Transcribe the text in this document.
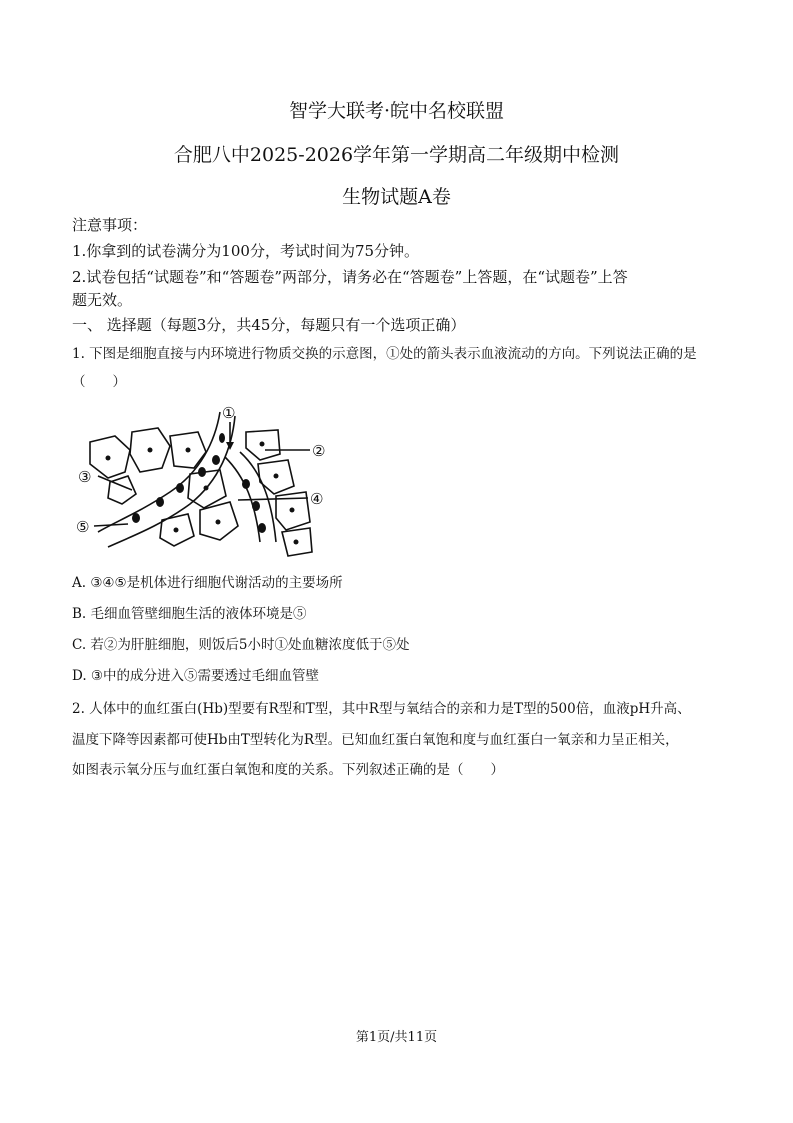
智学大联考·皖中名校联盟
合肥八中2025-2026学年第一学期高二年级期中检测
生物试题A卷
注意事项：
1.你拿到的试卷满分为100分，考试时间为75分钟。
2.试卷包括“试题卷”和“答题卷”两部分，请务必在“答题卷”上答题，在“试题卷”上答
题无效。
一、 选择题（每题3分，共45分，每题只有一个选项正确）
1. 下图是细胞直接与内环境进行物质交换的示意图，①处的箭头表示血液流动的方向。下列说法正确的是
（　　）
①
②
③
④
⑤
A. ③④⑤是机体进行细胞代谢活动的主要场所
B. 毛细血管壁细胞生活的液体环境是⑤
C. 若②为肝脏细胞，则饭后5小时①处血糖浓度低于⑤处
D. ③中的成分进入⑤需要透过毛细血管壁
2. 人体中的血红蛋白(Hb)型要有R型和T型，其中R型与氧结合的亲和力是T型的500倍，血液pH升高、
温度下降等因素都可使Hb由T型转化为R型。已知血红蛋白氧饱和度与血红蛋白一氧亲和力呈正相关，
如图表示氧分压与血红蛋白氧饱和度的关系。下列叙述正确的是（　　）
第1页/共11页
